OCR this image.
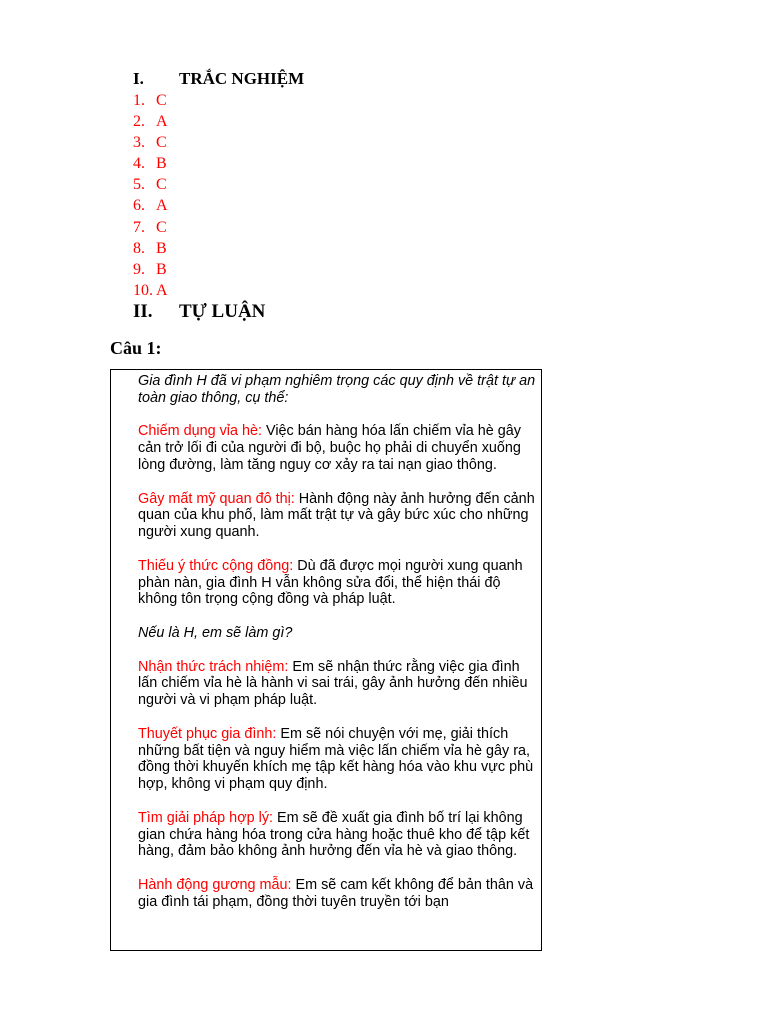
I. TRẮC NGHIỆM
1. C
2. A
3. C
4. B
5. C
6. A
7. C
8. B
9. B
10. A
II. TỰ LUẬN
Câu 1:

Gia đình H đã vi phạm nghiêm trọng các quy định về trật tự an toàn giao thông, cụ thể:

Chiếm dụng vỉa hè: Việc bán hàng hóa lấn chiếm vỉa hè gây cản trở lối đi của người đi bộ, buộc họ phải di chuyển xuống lòng đường, làm tăng nguy cơ xảy ra tai nạn giao thông.

Gây mất mỹ quan đô thị: Hành động này ảnh hưởng đến cảnh quan của khu phố, làm mất trật tự và gây bức xúc cho những người xung quanh.

Thiếu ý thức cộng đồng: Dù đã được mọi người xung quanh phàn nàn, gia đình H vẫn không sửa đổi, thể hiện thái độ không tôn trọng cộng đồng và pháp luật.

Nếu là H, em sẽ làm gì?

Nhận thức trách nhiệm: Em sẽ nhận thức rằng việc gia đình lấn chiếm vỉa hè là hành vi sai trái, gây ảnh hưởng đến nhiều người và vi phạm pháp luật.

Thuyết phục gia đình: Em sẽ nói chuyện với mẹ, giải thích những bất tiện và nguy hiểm mà việc lấn chiếm vỉa hè gây ra, đồng thời khuyến khích mẹ tập kết hàng hóa vào khu vực phù hợp, không vi phạm quy định.

Tìm giải pháp hợp lý: Em sẽ đề xuất gia đình bố trí lại không gian chứa hàng hóa trong cửa hàng hoặc thuê kho để tập kết hàng, đảm bảo không ảnh hưởng đến vỉa hè và giao thông.

Hành động gương mẫu: Em sẽ cam kết không để bản thân và gia đình tái phạm, đồng thời tuyên truyền tới bạn
